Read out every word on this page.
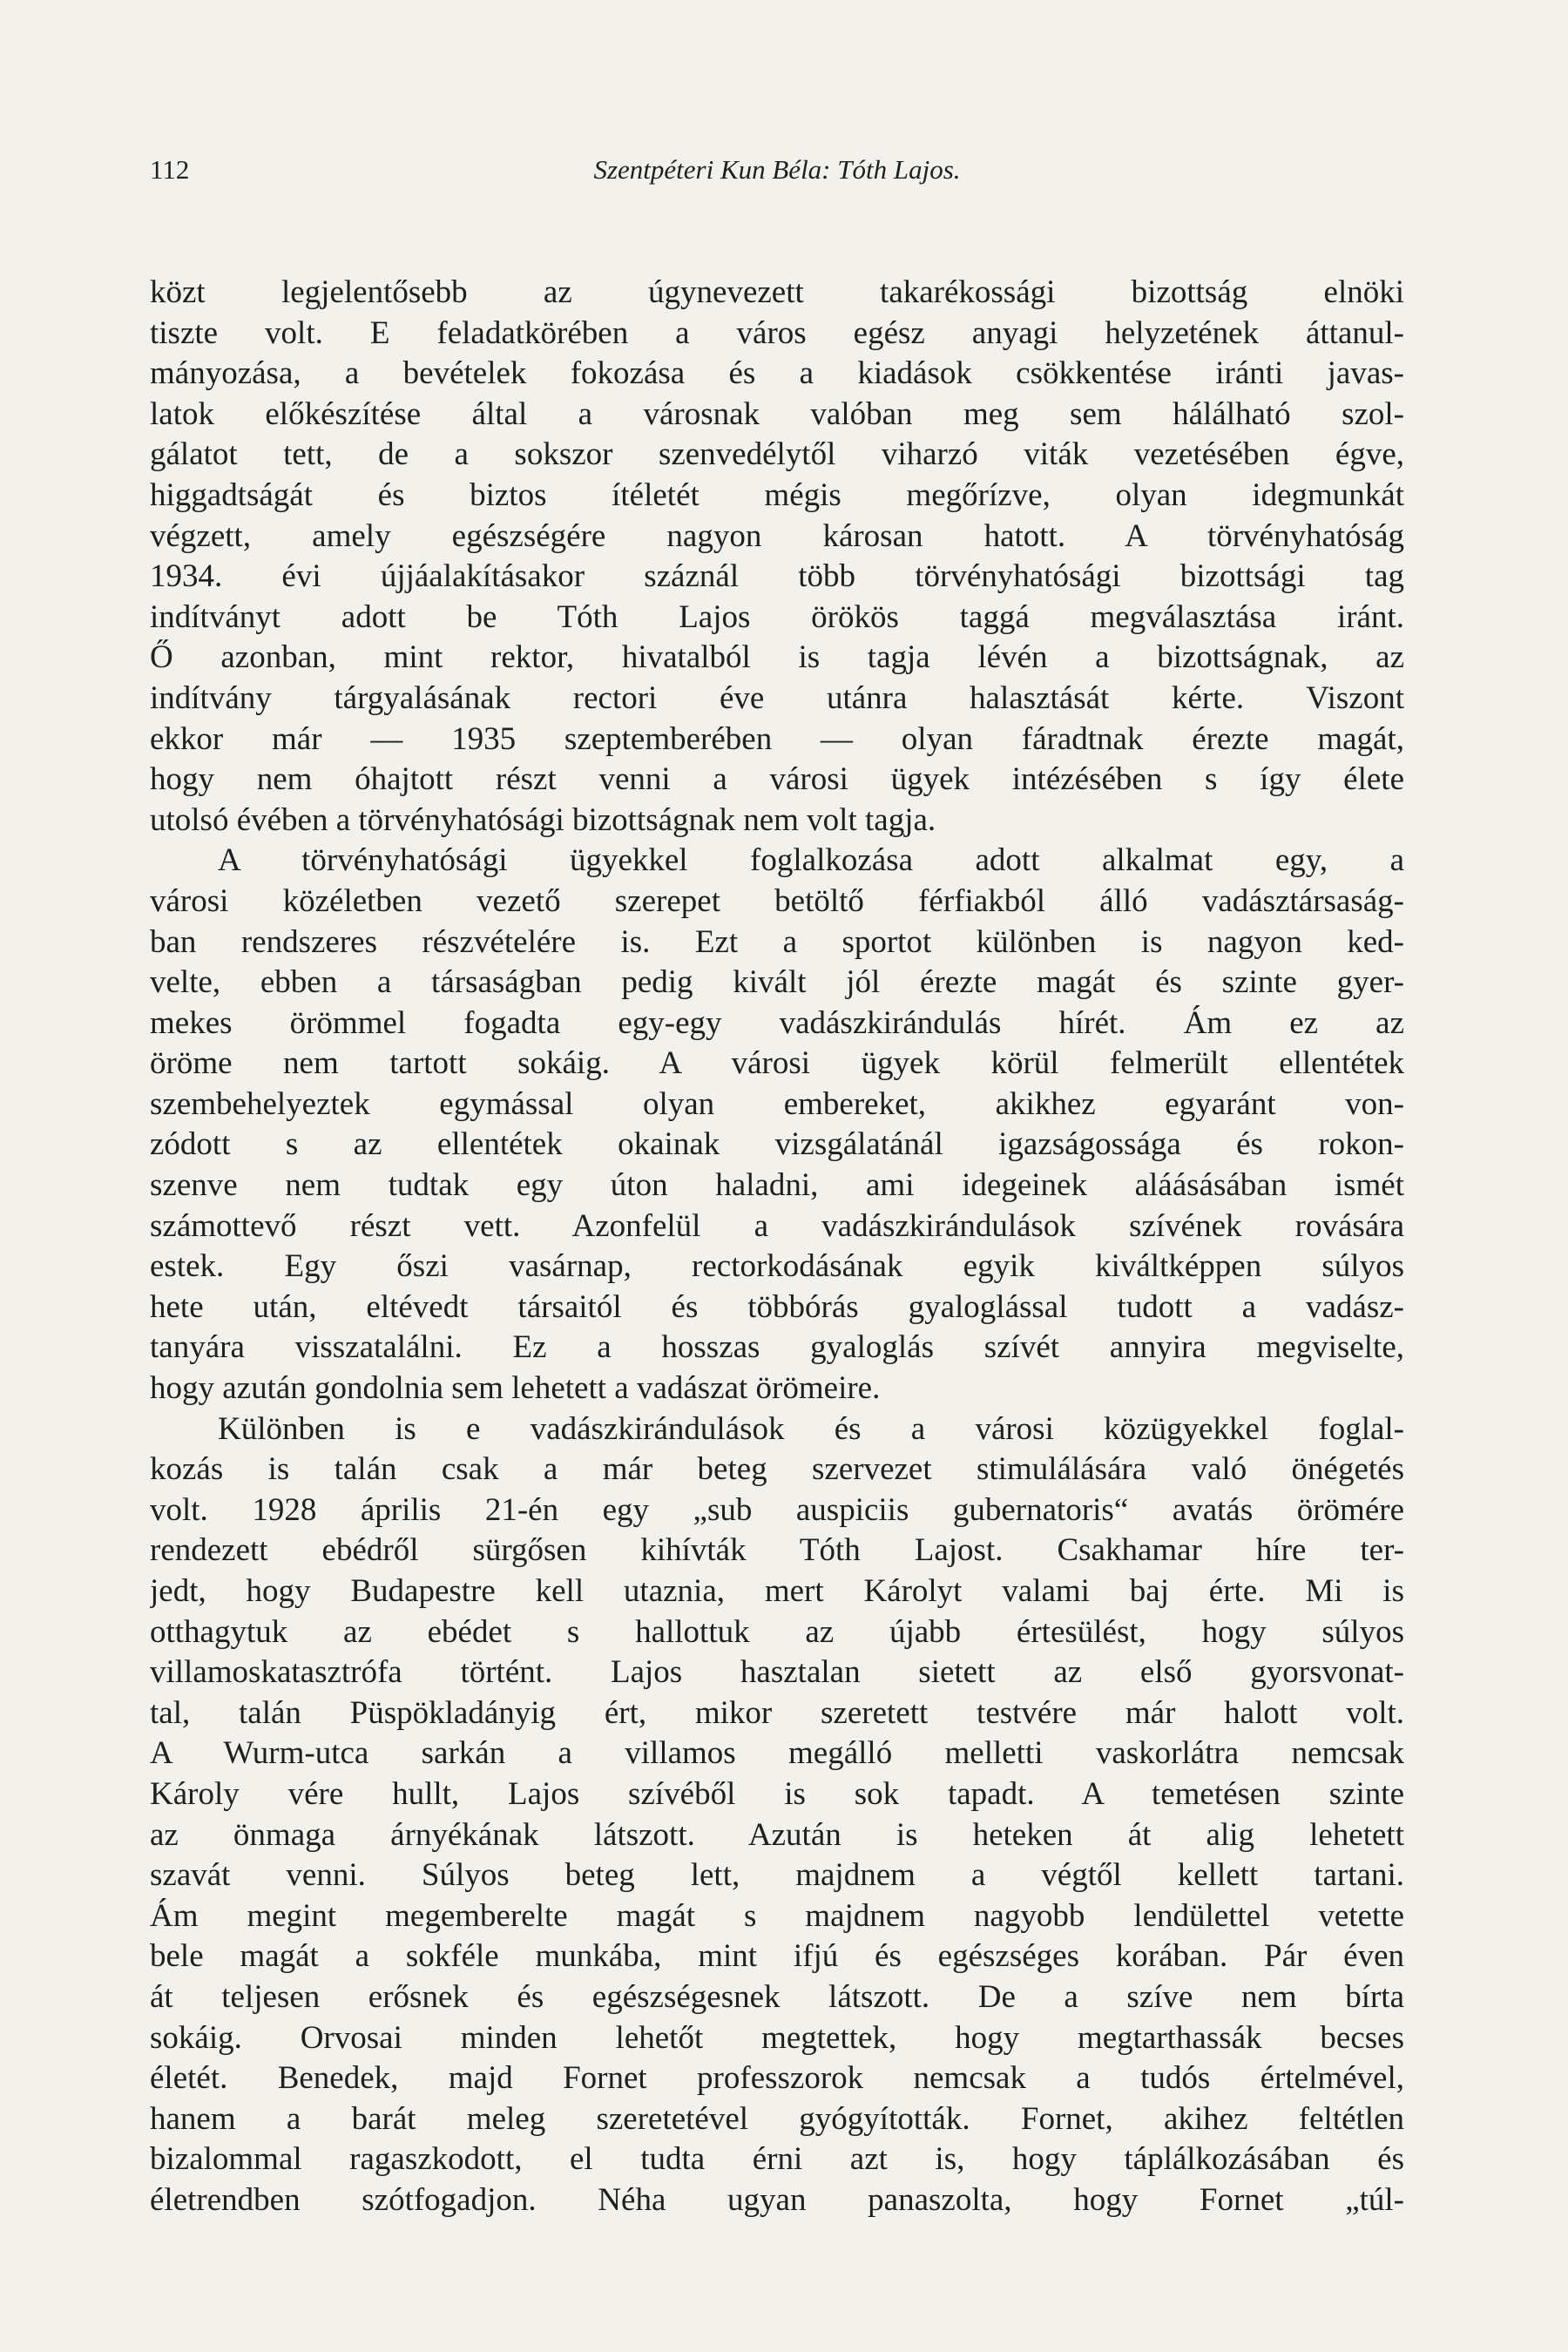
112	Szentpéteri Kun Béla: Tóth Lajos.

közt legjelentősebb az úgynevezett takarékossági bizottság elnöki
tiszte volt. E feladatkörében a város egész anyagi helyzetének áttanul-
mányozása, a bevételek fokozása és a kiadások csökkentése iránti javas-
latok előkészítése által a városnak valóban meg sem hálálható szol-
gálatot tett, de a sokszor szenvedélytől viharzó viták vezetésében égve,
higgadtságát és biztos ítéletét mégis megőrízve, olyan idegmunkát
végzett, amely egészségére nagyon károsan hatott. A törvényhatóság
1934. évi újjáalakításakor száznál több törvényhatósági bizottsági tag
indítványt adott be Tóth Lajos örökös taggá megválasztása iránt.
Ő azonban, mint rektor, hivatalból is tagja lévén a bizottságnak, az
indítvány tárgyalásának rectori éve utánra halasztását kérte. Viszont
ekkor már — 1935 szeptemberében — olyan fáradtnak érezte magát,
hogy nem óhajtott részt venni a városi ügyek intézésében s így élete
utolsó évében a törvényhatósági bizottságnak nem volt tagja.

A törvényhatósági ügyekkel foglalkozása adott alkalmat egy, a
városi közéletben vezető szerepet betöltő férfiakból álló vadásztársaság-
ban rendszeres részvételére is. Ezt a sportot különben is nagyon ked-
velte, ebben a társaságban pedig kivált jól érezte magát és szinte gyer-
mekes örömmel fogadta egy-egy vadászkirándulás hírét. Ám ez az
öröme nem tartott sokáig. A városi ügyek körül felmerült ellentétek
szembehelyeztek egymással olyan embereket, akikhez egyaránt von-
zódott s az ellentétek okainak vizsgálatánál igazságossága és rokon-
szenve nem tudtak egy úton haladni, ami idegeinek aláásásában ismét
számottevő részt vett. Azonfelül a vadászkirándulások szívének rovására
estek. Egy őszi vasárnap, rectorkodásának egyik kiváltképpen súlyos
hete után, eltévedt társaitól és többórás gyaloglással tudott a vadász-
tanyára visszatalálni. Ez a hosszas gyaloglás szívét annyira megviselte,
hogy azután gondolnia sem lehetett a vadászat örömeire.

Különben is e vadászkirándulások és a városi közügyekkel foglal-
kozás is talán csak a már beteg szervezet stimulálására való önégetés
volt. 1928 április 21-én egy „sub auspiciis gubernatoris“ avatás örömére
rendezett ebédről sürgősen kihívták Tóth Lajost. Csakhamar híre ter-
jedt, hogy Budapestre kell utaznia, mert Károlyt valami baj érte. Mi is
otthagytuk az ebédet s hallottuk az újabb értesülést, hogy súlyos
villamoskatasztrófa történt. Lajos hasztalan sietett az első gyorsvonat-
tal, talán Püspökladányig ért, mikor szeretett testvére már halott volt.
A Wurm-utca sarkán a villamos megálló melletti vaskorlátra nemcsak
Károly vére hullt, Lajos szívéből is sok tapadt. A temetésen szinte
az önmaga árnyékának látszott. Azután is heteken át alig lehetett
szavát venni. Súlyos beteg lett, majdnem a végtől kellett tartani.
Ám megint megemberelte magát s majdnem nagyobb lendülettel vetette
bele magát a sokféle munkába, mint ifjú és egészséges korában. Pár éven
át teljesen erősnek és egészségesnek látszott. De a szíve nem bírta
sokáig. Orvosai minden lehetőt megtettek, hogy megtarthassák becses
életét. Benedek, majd Fornet professzorok nemcsak a tudós értelmével,
hanem a barát meleg szeretetével gyógyították. Fornet, akihez feltétlen
bizalommal ragaszkodott, el tudta érni azt is, hogy táplálkozásában és
életrendben szótfogadjon. Néha ugyan panaszolta, hogy Fornet „túl-
